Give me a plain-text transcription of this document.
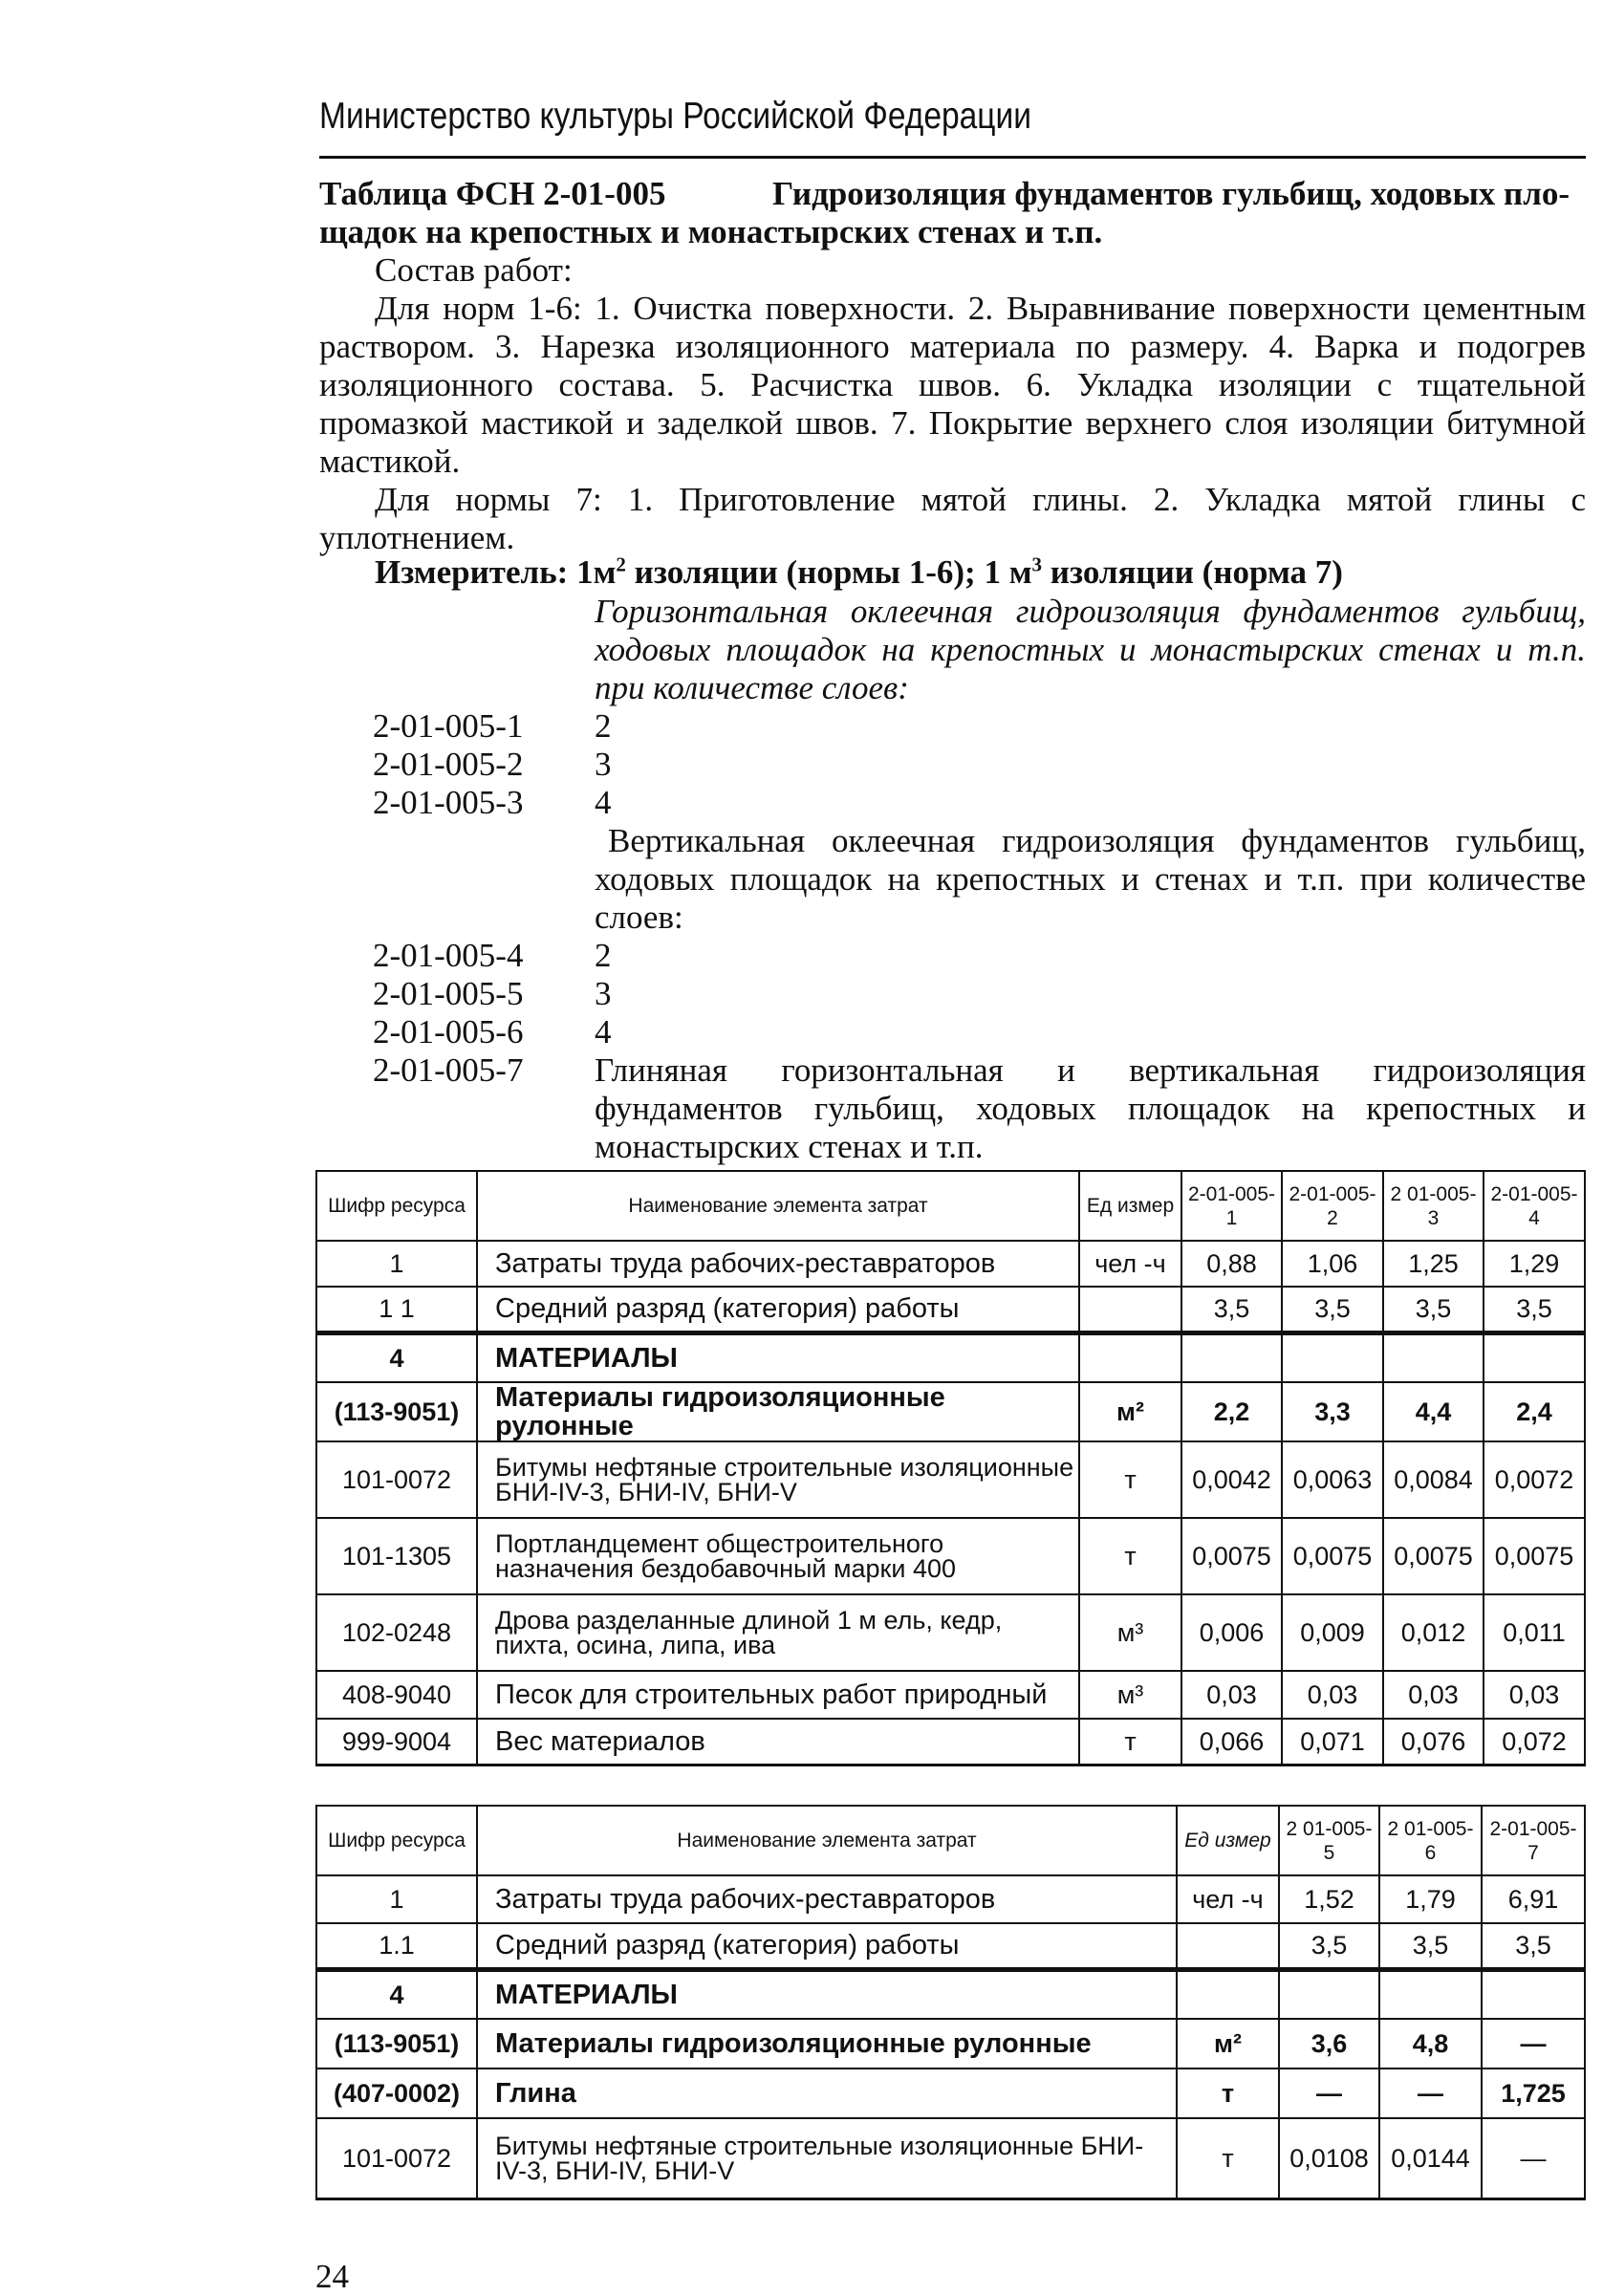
Министерство культуры Российской Федерации
Таблица ФСН 2-01-005	Гидроизоляция фундаментов гульбищ, ходовых пло-
щадок на крепостных и монастырских стенах и т.п.
Состав работ:
Для норм 1-6: 1. Очистка поверхности. 2. Выравнивание поверхности цементным раствором. 3. Нарезка изоляционного материала по размеру. 4. Варка и подогрев изоляционного состава. 5. Расчистка швов. 6. Укладка изоляции с тщательной промазкой мастикой и заделкой швов. 7. Покрытие верхнего слоя изоляции битумной мастикой.
Для нормы 7: 1. Приготовление мятой глины. 2. Укладка мятой глины с уплотнением.
Измеритель: $1м^2$ изоляции (нормы 1-6); 1 $м^3$ изоляции (норма 7)
Горизонтальная оклеечная гидроизоляция фундаментов гульбищ, ходовых площадок на крепостных и монастырских стенах и т.п. при количестве слоев:
2-01-005-1 2
2-01-005-2 3
2-01-005-3 4
Вертикальная оклеечная гидроизоляция фундаментов гульбищ, ходовых площадок на крепостных и стенах и т.п. при количестве слоев:
2-01-005-4 2
2-01-005-5 3
2-01-005-6 4
2-01-005-7	Глиняная горизонтальная и вертикальная гидроизоляция фундаментов гульбищ, ходовых площадок на крепостных и монастырских стенах и т.п.
Шифр ресурса	Наименование элемента затрат	Ед измер	2-01-005-1	2-01-005-2	2 01-005-3	2-01-005-4
1	Затраты труда рабочих-реставраторов	чел -ч	0,88	1,06	1,25	1,29
1 1	Средний разряд (категория) работы		3,5	3,5	3,5	3,5
4	МАТЕРИАЛЫ					
(113-9051)	Материалы гидроизоляционные рулонные	м²	2,2	3,3	4,4	2,4
101-0072	Битумы нефтяные строительные изоляционные БНИ-IV-3, БНИ-IV, БНИ-V	т	0,0042	0,0063	0,0084	0,0072
101-1305	Портландцемент общестроительного назначения бездобавочный марки 400	т	0,0075	0,0075	0,0075	0,0075
102-0248	Дрова разделанные длиной 1 м ель, кедр, пихта, осина, липа, ива	м³	0,006	0,009	0,012	0,011
408-9040	Песок для строительных работ природный	м³	0,03	0,03	0,03	0,03
999-9004	Вес материалов	т	0,066	0,071	0,076	0,072
Шифр ресурса	Наименование элемента затрат	Ед измер	2 01-005-5	2 01-005-6	2-01-005-7
1	Затраты труда рабочих-реставраторов	чел -ч	1,52	1,79	6,91
1.1	Средний разряд (категория) работы		3,5	3,5	3,5
4	МАТЕРИАЛЫ				
(113-9051)	Материалы гидроизоляционные рулонные	м²	3,6	4,8	—
(407-0002)	Глина	т	—	—	1,725
101-0072	Битумы нефтяные строительные изоляционные БНИ-IV-3, БНИ-IV, БНИ-V	т	0,0108	0,0144	—
24
